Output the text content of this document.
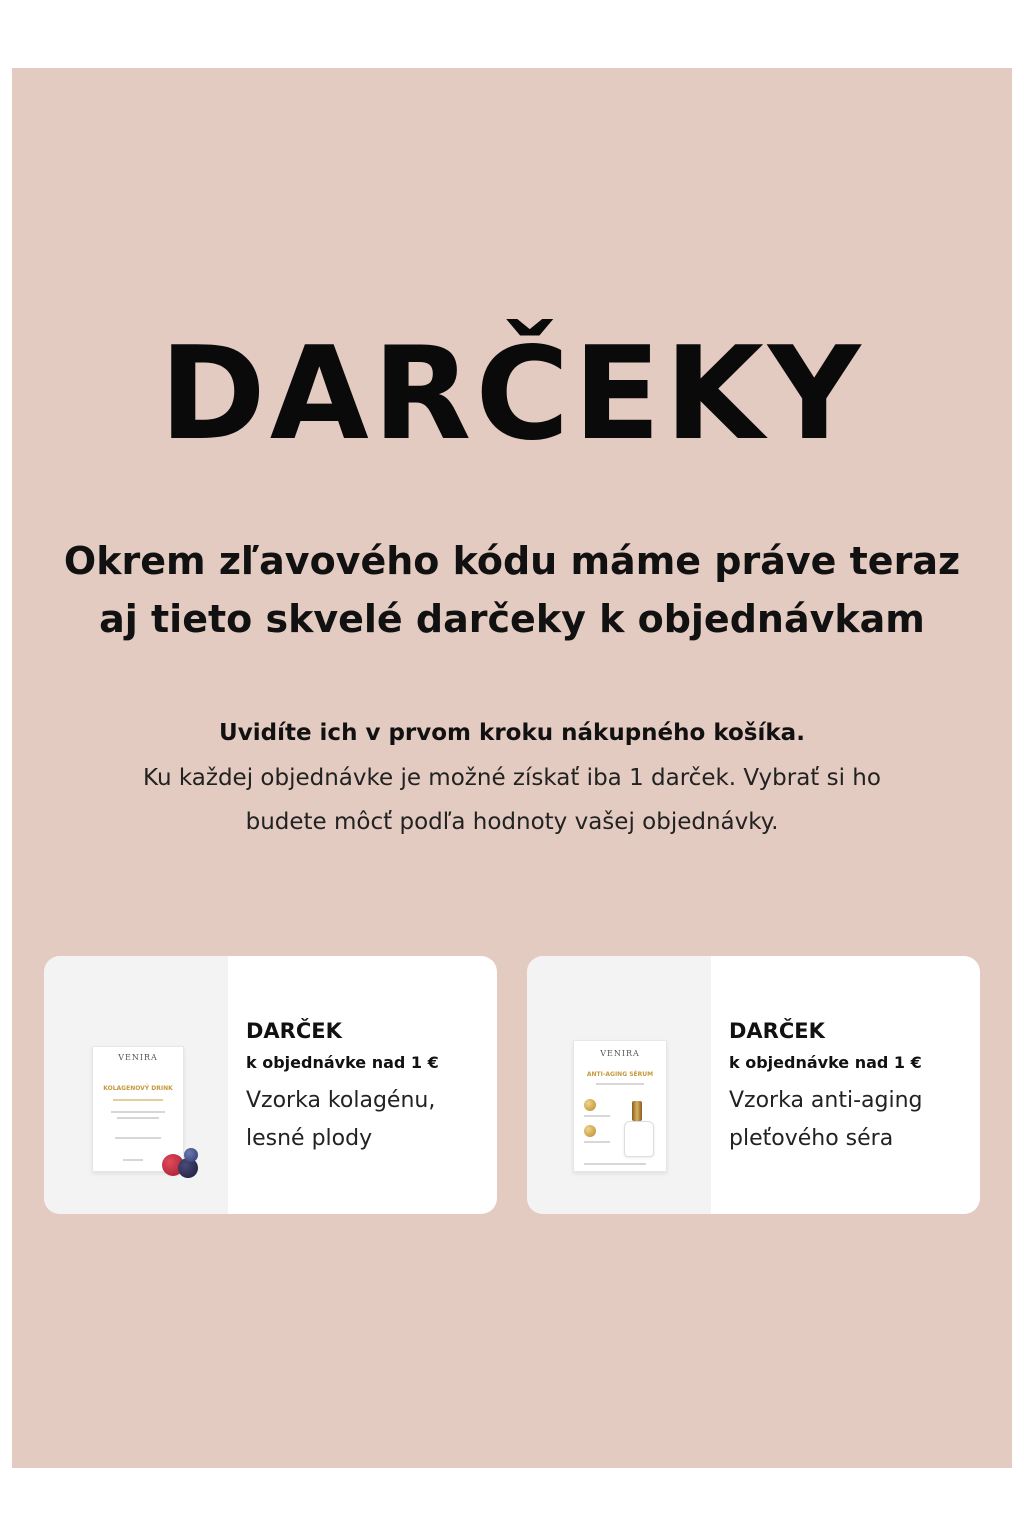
DARČEKY
Okrem zľavového kódu máme práve teraz
aj tieto skvelé darčeky k objednávkam
Uvidíte ich v prvom kroku nákupného košíka.
Ku každej objednávke je možné získať iba 1 darček. Vybrať si ho
budete môcť podľa hodnoty vašej objednávky.
VENIRA
KOLAGENOVÝ DRINK
DARČEK
k objednávke nad 1 €
Vzorka kolagénu,
lesné plody
VENIRA
ANTI-AGING SÉRUM
DARČEK
k objednávke nad 1 €
Vzorka anti-aging
pleťového séra
